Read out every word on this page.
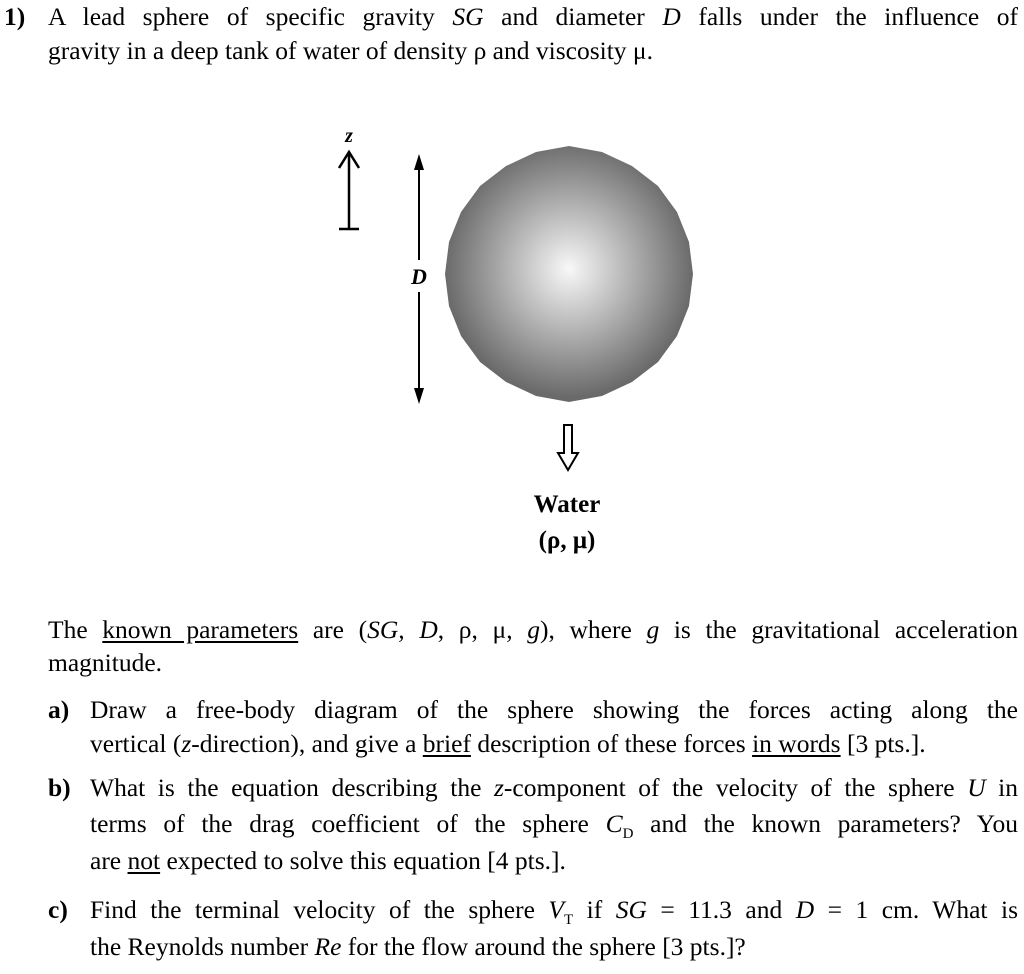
1) A lead sphere of specific gravity SG and diameter D falls under the influence of
gravity in a deep tank of water of density ρ and viscosity μ.
z
D
Water
(ρ, μ)
The known parameters are (SG, D, ρ, μ, g), where g is the gravitational acceleration
magnitude.
a) Draw a free-body diagram of the sphere showing the forces acting along the
vertical (z-direction), and give a brief description of these forces in words [3 pts.].
b) What is the equation describing the z-component of the velocity of the sphere U in
terms of the drag coefficient of the sphere $C_D$ and the known parameters? You
are not expected to solve this equation [4 pts.].
c) Find the terminal velocity of the sphere $V_T$ if SG = 11.3 and D = 1 cm. What is
the Reynolds number Re for the flow around the sphere [3 pts.]?
